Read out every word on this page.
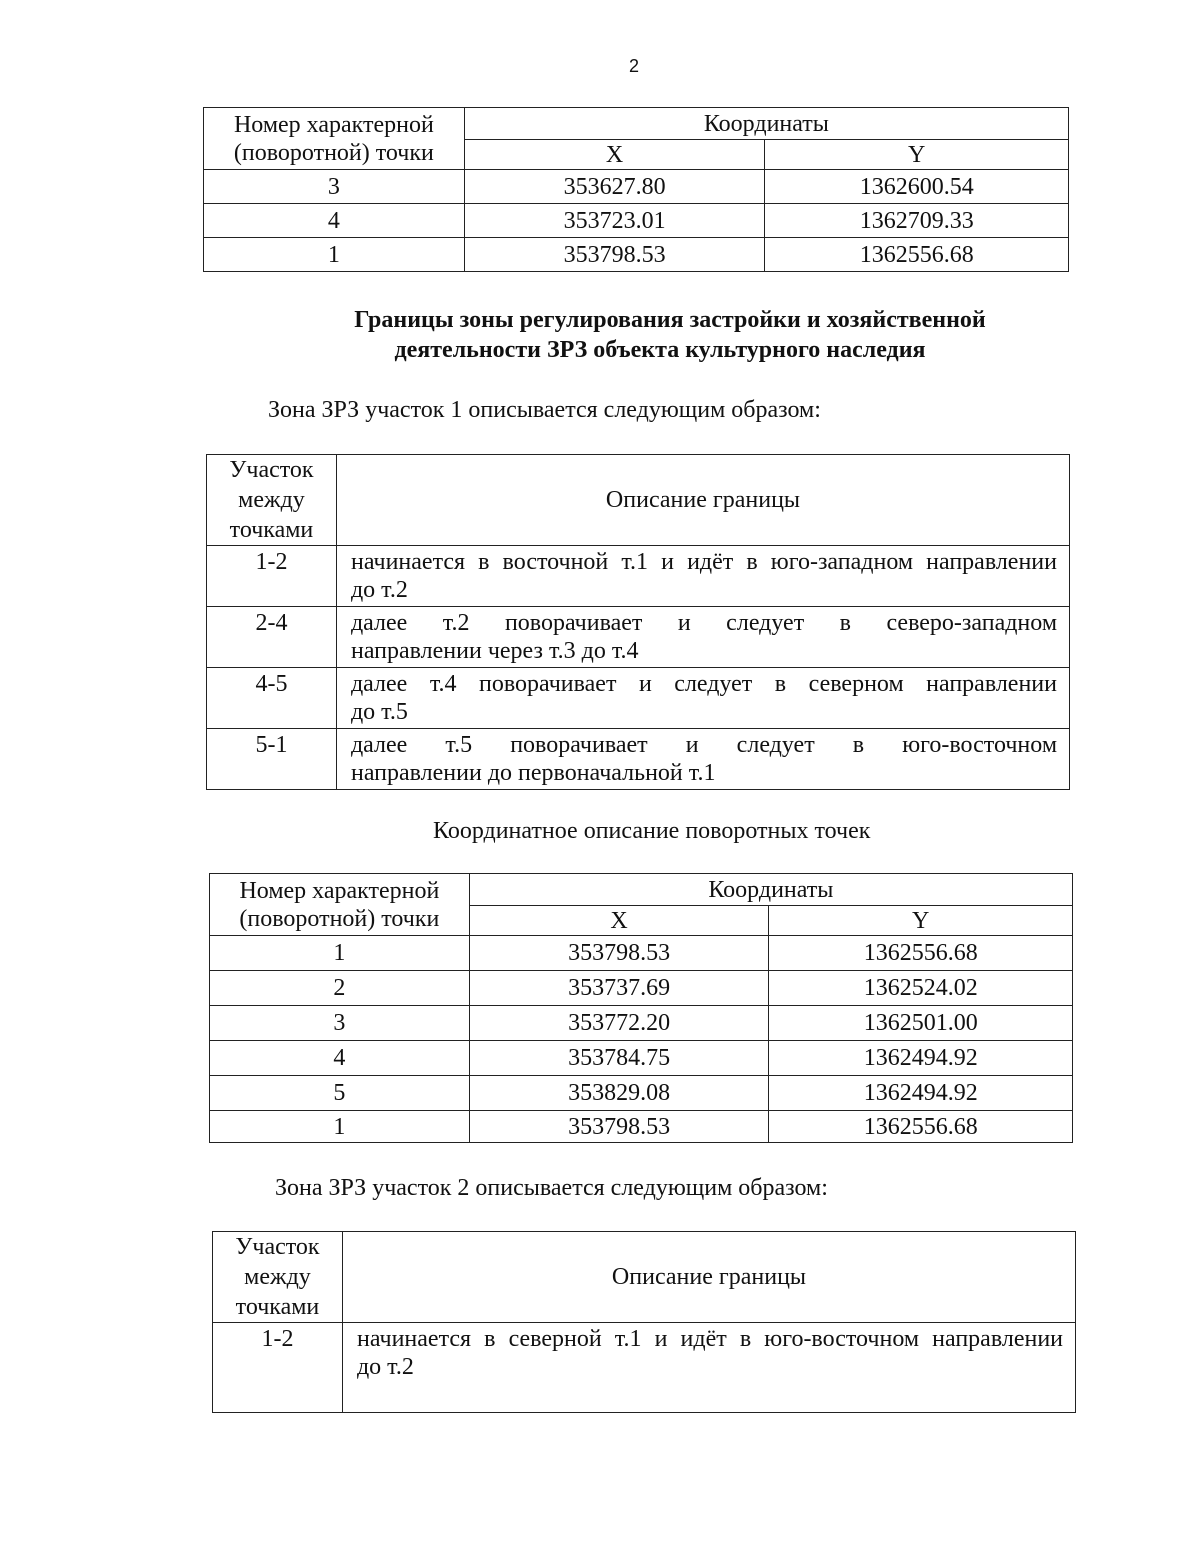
2
Номер характерной (поворотной) точки	Координаты	
	X	Y
3	353627.80	1362600.54
4	353723.01	1362709.33
1	353798.53	1362556.68
Границы зоны регулирования застройки и хозяйственной
деятельности ЗРЗ объекта культурного наследия
Зона ЗРЗ участок 1 описывается следующим образом:
Участок между точками	Описание границы
1-2	начинается в восточной т.1 и идёт в юго-западном направлении
до т.2

2-4	далее т.2 поворачивает и следует в северо-западном
направлении через т.3 до т.4

4-5	далее т.4 поворачивает и следует в северном направлении
до т.5

5-1	далее т.5 поворачивает и следует в юго-восточном
направлении до первоначальной т.1
Координатное описание поворотных точек
Номер характерной (поворотной) точки	Координаты	
	X	Y
1	353798.53	1362556.68
2	353737.69	1362524.02
3	353772.20	1362501.00
4	353784.75	1362494.92
5	353829.08	1362494.92
1	353798.53	1362556.68
Зона ЗРЗ участок 2 описывается следующим образом:
Участок между точками	Описание границы
1-2	начинается в северной т.1 и идёт в юго-восточном направлении
до т.2
